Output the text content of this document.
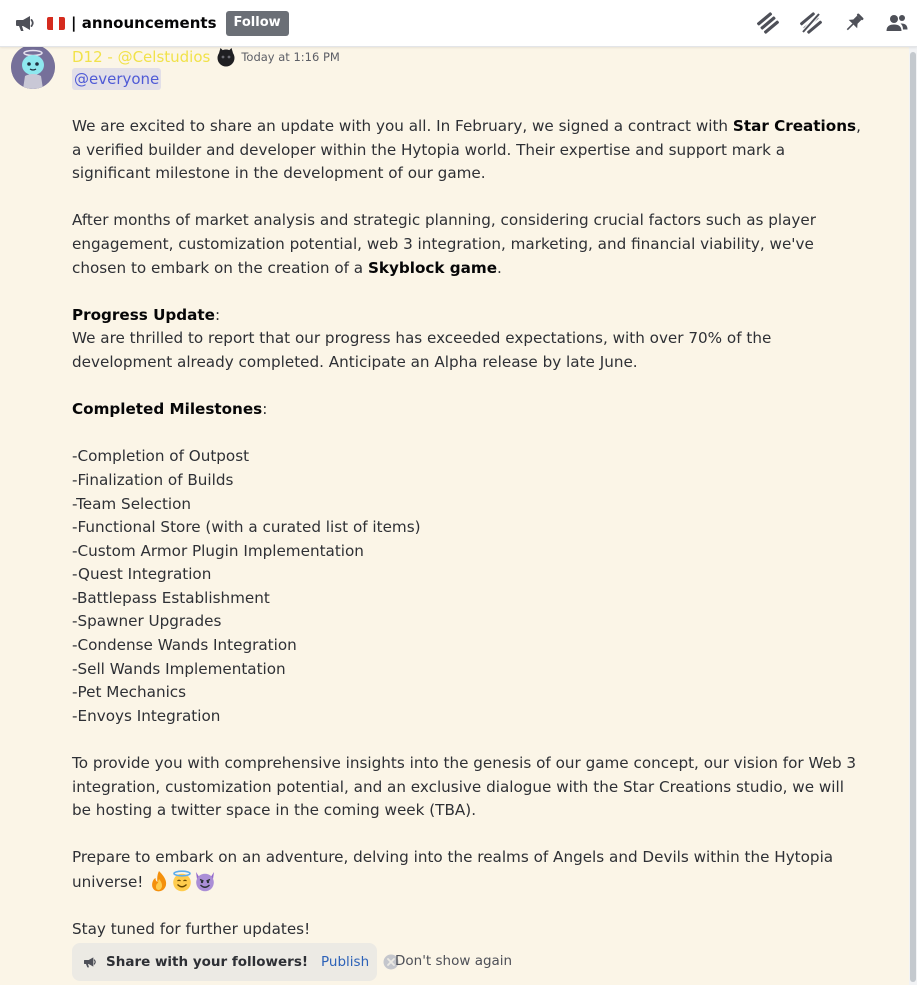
| announcements	Follow
D12 - @Celstudios	Today at 1:16 PM
@everyone

We are excited to share an update with you all. In February, we signed a contract with Star Creations, a verified builder and developer within the Hytopia world. Their expertise and support mark a significant milestone in the development of our game.

After months of market analysis and strategic planning, considering crucial factors such as player engagement, customization potential, web 3 integration, marketing, and financial viability, we've chosen to embark on the creation of a Skyblock game.

Progress Update:

We are thrilled to report that our progress has exceeded expectations, with over 70% of the development already completed. Anticipate an Alpha release by late June.

Completed Milestones:

-Completion of Outpost

-Finalization of Builds

-Team Selection

-Functional Store (with a curated list of items)

-Custom Armor Plugin Implementation

-Quest Integration

-Battlepass Establishment

-Spawner Upgrades

-Condense Wands Integration

-Sell Wands Implementation

-Pet Mechanics

-Envoys Integration

To provide you with comprehensive insights into the genesis of our game concept, our vision for Web 3 integration, customization potential, and an exclusive dialogue with the Star Creations studio, we will be hosting a twitter space in the coming week (TBA).

Prepare to embark on an adventure, delving into the realms of Angels and Devils within the Hytopia universe!

Stay tuned for further updates!

Share with your followers! Publish Don't show again
